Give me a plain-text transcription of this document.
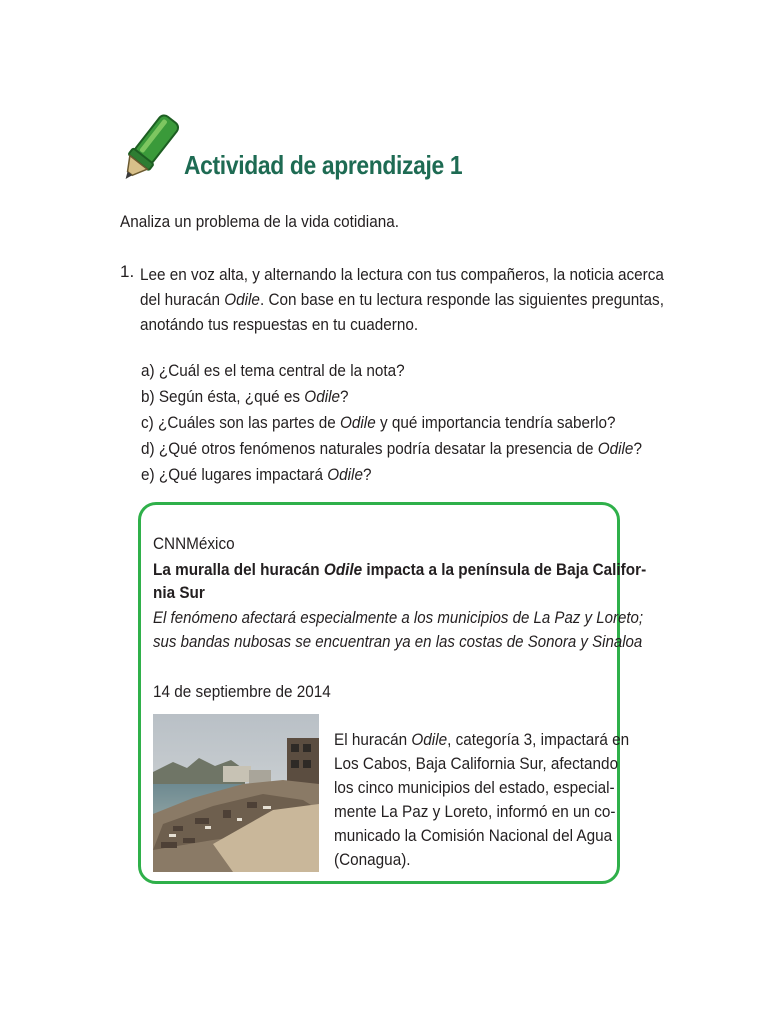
Actividad de aprendizaje 1
Analiza un problema de la vida cotidiana.
1. Lee en voz alta, y alternando la lectura con tus compañeros, la noticia acerca
del huracán Odile. Con base en tu lectura responde las siguientes preguntas,
anotándo tus respuestas en tu cuaderno.
a) ¿Cuál es el tema central de la nota?
b) Según ésta, ¿qué es Odile?
c) ¿Cuáles son las partes de Odile y qué importancia tendría saberlo?
d) ¿Qué otros fenómenos naturales podría desatar la presencia de Odile?
e) ¿Qué lugares impactará Odile?
CNNMéxico
La muralla del huracán Odile impacta a la península de Baja Califor-
nia Sur
El fenómeno afectará especialmente a los municipios de La Paz y Loreto;
sus bandas nubosas se encuentran ya en las costas de Sonora y Sinaloa
14 de septiembre de 2014
El huracán Odile, categoría 3, impactará en
Los Cabos, Baja California Sur, afectando
los cinco municipios del estado, especial-
mente La Paz y Loreto, informó en un co-
municado la Comisión Nacional del Agua
(Conagua).
